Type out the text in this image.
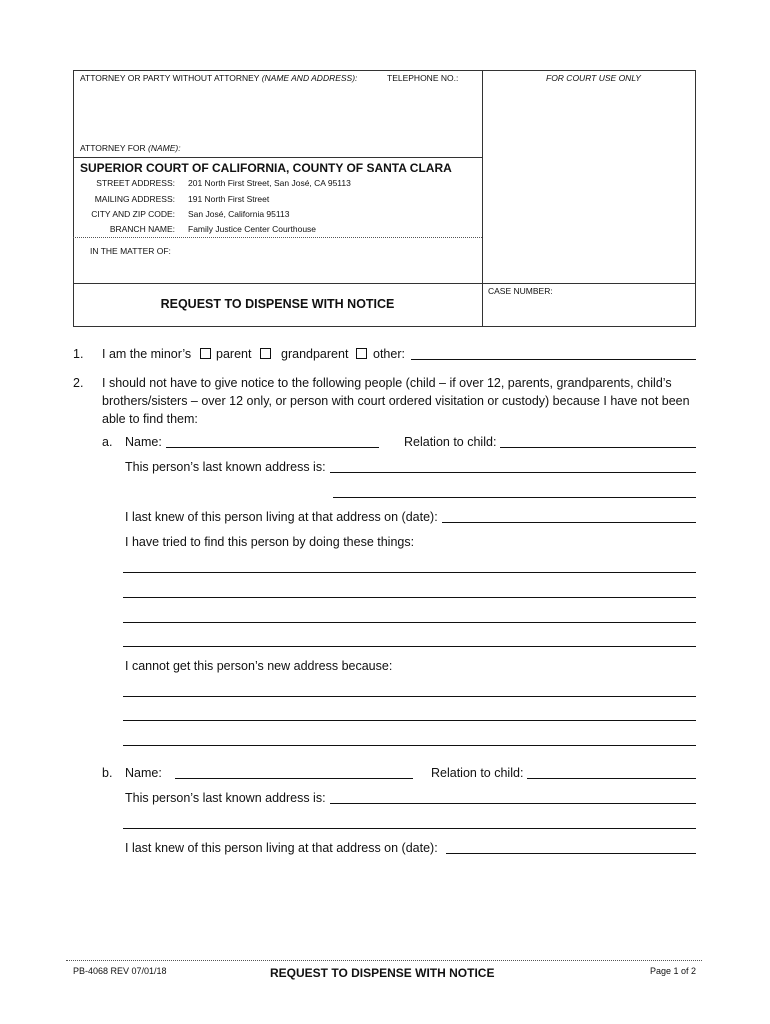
ATTORNEY OR PARTY WITHOUT ATTORNEY (NAME AND ADDRESS):	TELEPHONE NO.:	FOR COURT USE ONLY
ATTORNEY FOR (NAME):
SUPERIOR COURT OF CALIFORNIA, COUNTY OF SANTA CLARA
STREET ADDRESS: 201 North First Street, San José, CA 95113
MAILING ADDRESS: 191 North First Street
CITY AND ZIP CODE: San José, California 95113
BRANCH NAME: Family Justice Center Courthouse
IN THE MATTER OF:
CASE NUMBER:
REQUEST TO DISPENSE WITH NOTICE
1. I am the minor’s parent grandparent other:
2. I should not have to give notice to the following people (child – if over 12, parents, grandparents, child’s
brothers/sisters – over 12 only, or person with court ordered visitation or custody) because I have not been
able to find them:
a. Name:	Relation to child:
This person’s last known address is:
I last knew of this person living at that address on (date):
I have tried to find this person by doing these things:
I cannot get this person’s new address because:
b. Name:	Relation to child:
This person’s last known address is:
I last knew of this person living at that address on (date):
PB-4068 REV 07/01/18	REQUEST TO DISPENSE WITH NOTICE	Page 1 of 2
